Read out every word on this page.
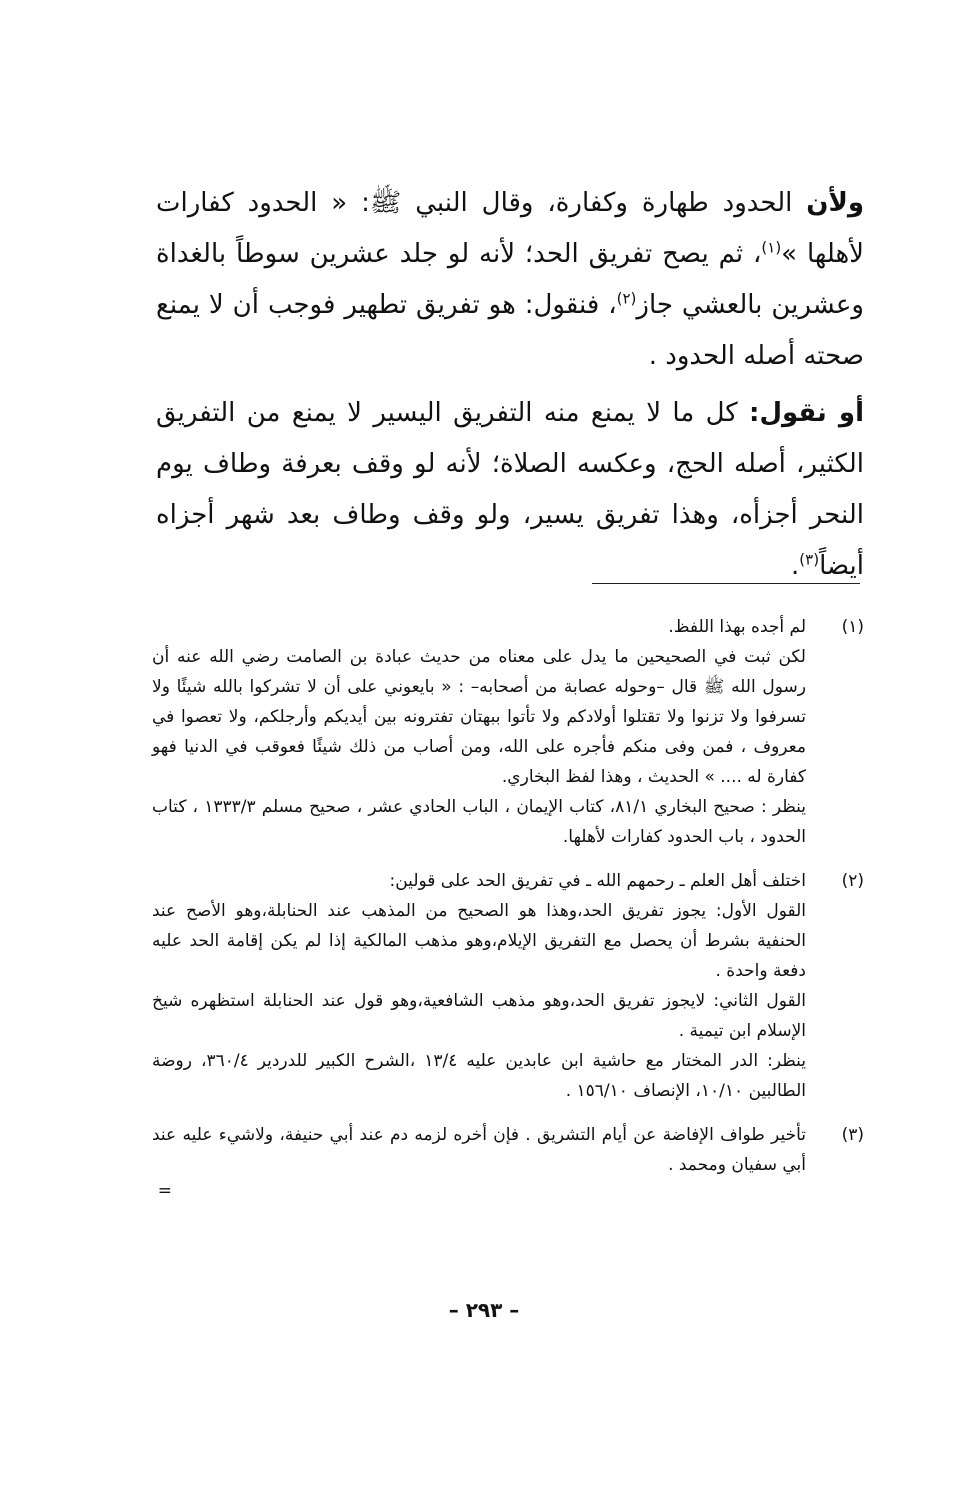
ولأن الحدود طهارة وكفارة، وقال النبي ﷺ: « الحدود كفارات لأهلها »$^{(١)}$، ثم يصح تفريق الحد؛ لأنه لو جلد عشرين سوطاً بالغداة وعشرين بالعشي جاز$^{(٢)}$، فنقول: هو تفريق تطهير فوجب أن لا يمنع صحته أصله الحدود .

أو نقول: كل ما لا يمنع منه التفريق اليسير لا يمنع من التفريق الكثير، أصله الحج، وعكسه الصلاة؛ لأنه لو وقف بعرفة وطاف يوم النحر أجزأه، وهذا تفريق يسير، ولو وقف وطاف بعد شهر أجزاه أيضاً$^{(٣)}$.

(١)

لم أجده بهذا اللفظ.

لكن ثبت في الصحيحين ما يدل على معناه من حديث عبادة بن الصامت رضي الله عنه أن رسول الله ﷺ قال –وحوله عصابة من أصحابه– : « بايعوني على أن لا تشركوا بالله شيئًا ولا تسرفوا ولا تزنوا ولا تقتلوا أولادكم ولا تأتوا ببهتان تفترونه بين أيديكم وأرجلكم، ولا تعصوا في معروف ، فمن وفى منكم فأجره على الله، ومن أصاب من ذلك شيئًا فعوقب في الدنيا فهو كفارة له .... » الحديث ، وهذا لفظ البخاري.

ينظر : صحيح البخاري ٨١/١، كتاب الإيمان ، الباب الحادي عشر ، صحيح مسلم ١٣٣٣/٣ ، كتاب الحدود ، باب الحدود كفارات لأهلها.

(٢)

اختلف أهل العلم ـ رحمهم الله ـ في تفريق الحد على قولين:

القول الأول: يجوز تفريق الحد،وهذا هو الصحيح من المذهب عند الحنابلة،وهو الأصح عند الحنفية بشرط أن يحصل مع التفريق الإيلام،وهو مذهب المالكية إذا لم يكن إقامة الحد عليه دفعة واحدة .

القول الثاني: لايجوز تفريق الحد،وهو مذهب الشافعية،وهو قول عند الحنابلة استظهره شيخ الإسلام ابن تيمية .

ينظر: الدر المختار مع حاشية ابن عابدين عليه ١٣/٤ ،الشرح الكبير للدردير ٣٦٠/٤، روضة الطالبين ١٠/١٠، الإنصاف ١٥٦/١٠ .

(٣)

تأخير طواف الإفاضة عن أيام التشريق . فإن أخره لزمه دم عند أبي حنيفة، ولاشيء عليه عند أبي سفيان ومحمد .

=
– ٢٩٣ –
